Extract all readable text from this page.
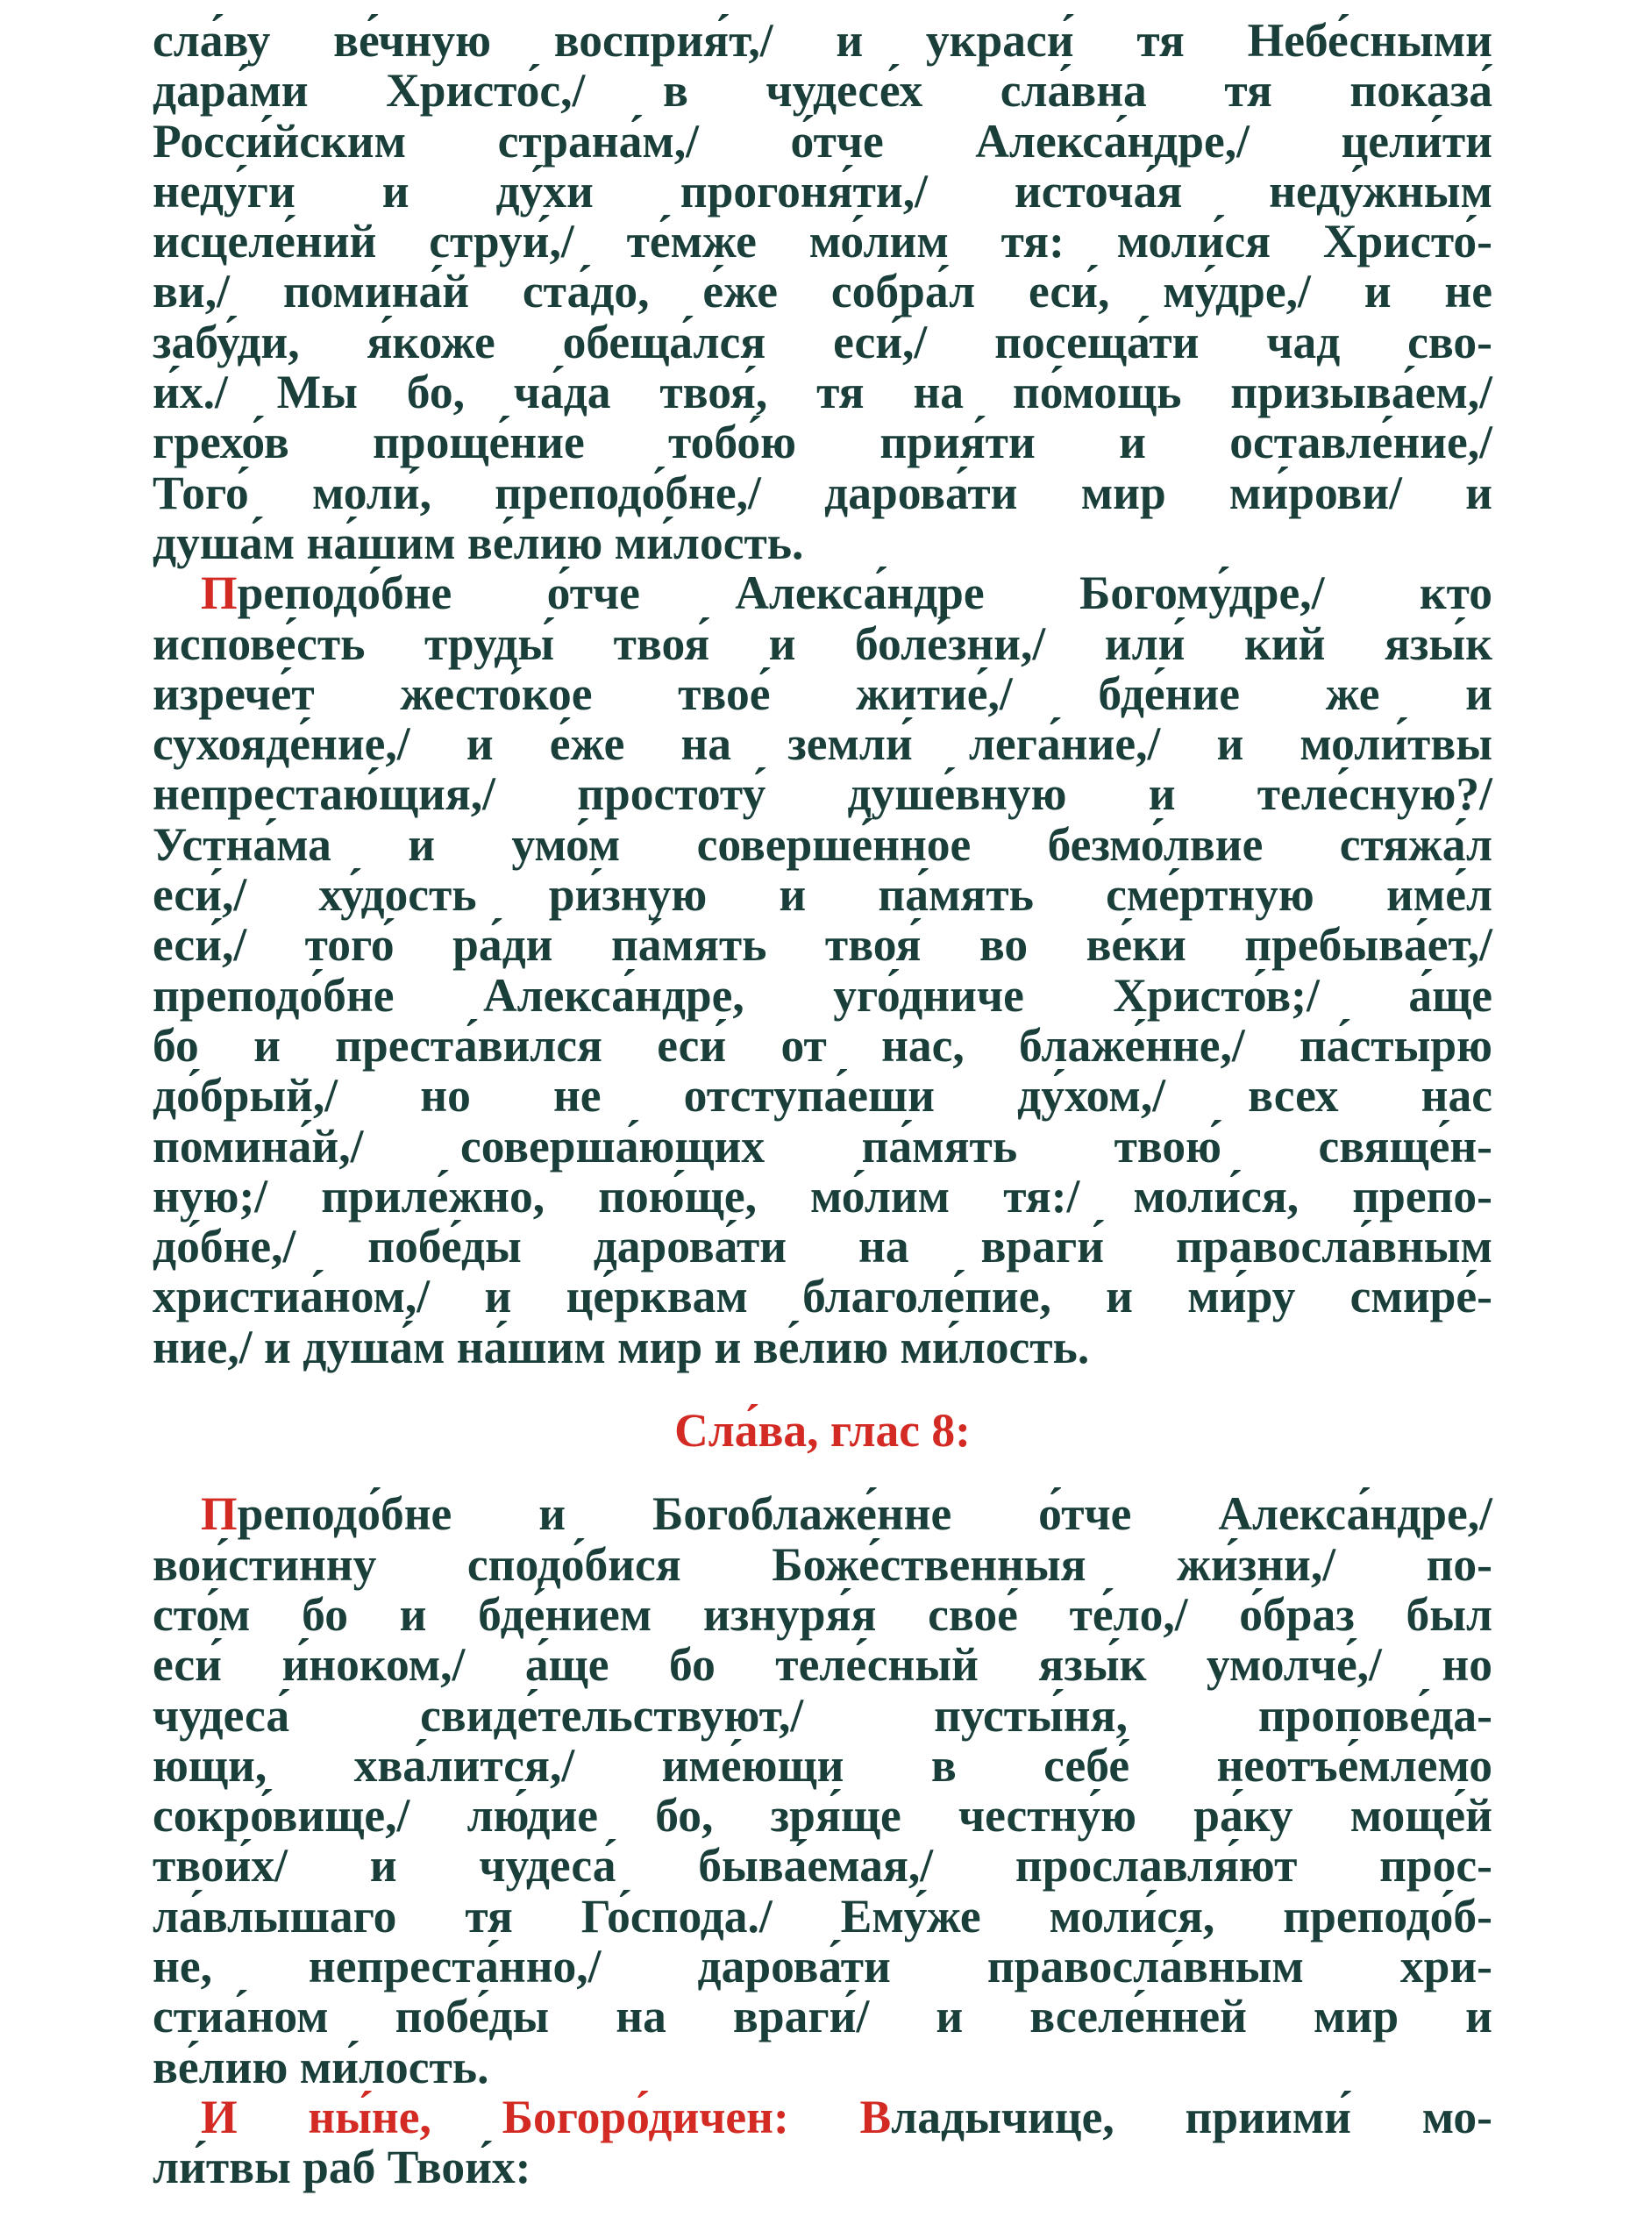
сла́ву ве́чную восприя́т,/ и украси́ тя Небе́сными
дара́ми Христо́с,/ в чудесе́х сла́вна тя показа́
Росси́йским страна́м,/ о́тче Алекса́ндре,/ цели́ти
неду́ги и ду́хи прогоня́ти,/ источа́я неду́жным
исцеле́ний струи́,/ те́мже мо́лим тя: моли́ся Христо́-
ви,/ помина́й ста́до, е́же собра́л еси́, му́дре,/ и не
забу́ди, я́коже обеща́лся еси́,/ посеща́ти чад сво-
и́х./ Мы бо, ча́да твоя́, тя на по́мощь призыва́ем,/
грехо́в проще́ние тобо́ю прия́ти и оставле́ние,/
Того́ моли́, преподо́бне,/ дарова́ти мир ми́рови/ и
душа́м на́шим ве́лию ми́лость.

Преподо́бне о́тче Алекса́ндре Богому́дре,/ кто
испове́сть труды́ твоя́ и боле́зни,/ или́ кий язы́к
изрече́т жесто́кое твое́ житие́,/ бде́ние же и
сухояде́ние,/ и е́же на земли́ лега́ние,/ и моли́твы
непрестаю́щия,/ простоту́ душе́вную и теле́сную?/
Устна́ма и умо́м соверше́нное безмо́лвие стяжа́л
еси́,/ ху́дость ри́зную и па́мять сме́ртную име́л
еси́,/ того́ ра́ди па́мять твоя́ во ве́ки пребыва́ет,/
преподо́бне Алекса́ндре, уго́дниче Христо́в;/ а́ще
бо и преста́вился еси́ от нас, блаже́нне,/ па́стырю
до́брый,/ но не отступа́еши ду́хом,/ всех нас
помина́й,/ соверша́ющих па́мять твою́ свяще́н-
ную;/ приле́жно, пою́ще, мо́лим тя:/ моли́ся, препо-
до́бне,/ побе́ды дарова́ти на враги́ правосла́вным
христиа́ном,/ и це́рквам благоле́пие, и ми́ру смире́-
ние,/ и душа́м на́шим мир и ве́лию ми́лость.

Сла́ва, глас 8:

Преподо́бне и Богоблаже́нне о́тче Алекса́ндре,/
вои́стинну сподо́бися Боже́ственныя жи́зни,/ по-
сто́м бо и бде́нием изнуря́я свое́ те́ло,/ о́браз был
еси́ и́ноком,/ а́ще бо теле́сный язы́к умолче́,/ но
чудеса́ свиде́тельствуют,/ пусты́ня, пропове́да-
ющи, хва́лится,/ име́ющи в себе́ неотъе́млемо
сокро́вище,/ лю́дие бо, зря́ще честну́ю ра́ку моще́й
твои́х/ и чудеса́ быва́емая,/ прославля́ют прос-
ла́влышаго тя Го́спода./ Ему́же моли́ся, преподо́б-
не, непреста́нно,/ дарова́ти правосла́вным хри-
стиа́ном побе́ды на враги́/ и вселе́нней мир и
ве́лию ми́лость.

И ны́не, Богоро́дичен: Владычице, приими́ мо-
ли́твы раб Твои́х:
